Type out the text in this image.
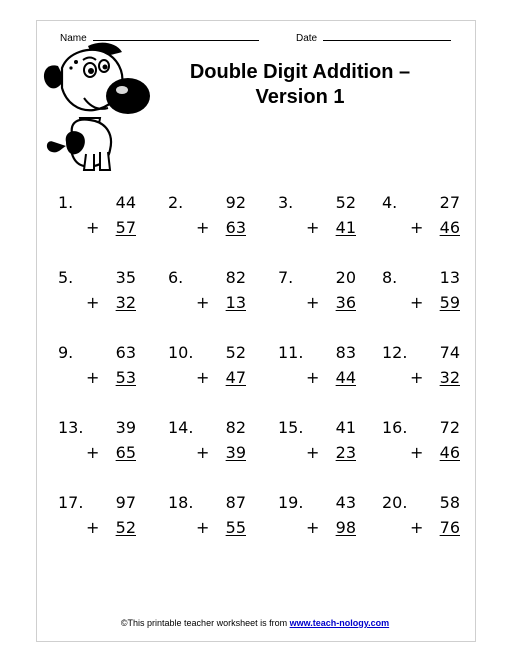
Name	Date
Double Digit Addition –
Version 1
1.	44
+ 57
2.	92
+ 63
3.	52
+ 41
4.	27
+ 46
5.	35
+ 32
6.	82
+ 13
7.	20
+ 36
8.	13
+ 59
9.	63
+ 53
10. 52
+ 47
11. 83
+ 44
12. 74
+ 32
13. 39
+ 65
14. 82
+ 39
15. 41
+ 23
16. 72
+ 46
17. 97
+ 52
18. 87
+ 55
19. 43
+ 98
20. 58
+ 76
©This printable teacher worksheet is from www.teach-nology.com
